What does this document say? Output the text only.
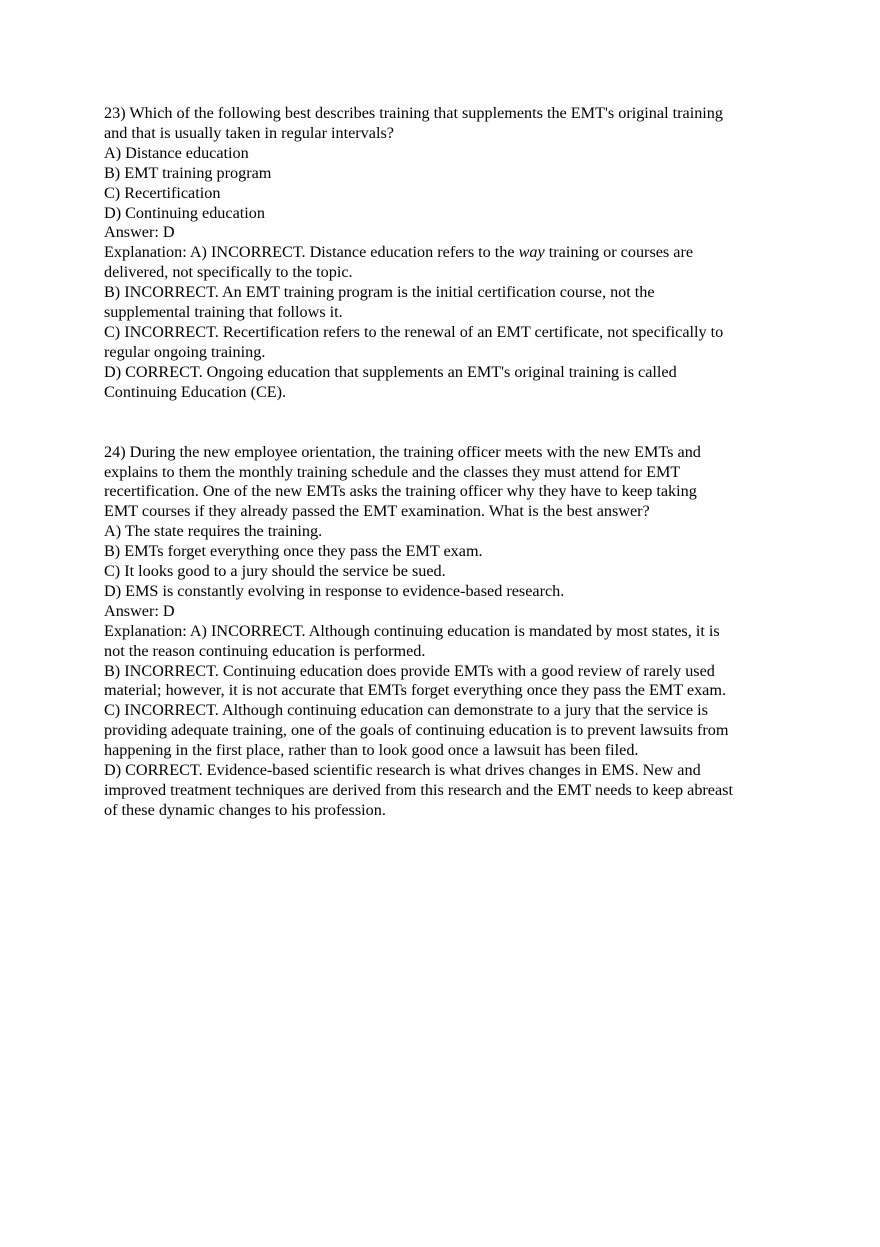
23) Which of the following best describes training that supplements the EMT's original training
and that is usually taken in regular intervals?
A) Distance education
B) EMT training program
C) Recertification
D) Continuing education
Answer: D
Explanation: A) INCORRECT. Distance education refers to the way training or courses are
delivered, not specifically to the topic.
B) INCORRECT. An EMT training program is the initial certification course, not the
supplemental training that follows it.
C) INCORRECT. Recertification refers to the renewal of an EMT certificate, not specifically to
regular ongoing training.
D) CORRECT. Ongoing education that supplements an EMT's original training is called
Continuing Education (CE).
24) During the new employee orientation, the training officer meets with the new EMTs and
explains to them the monthly training schedule and the classes they must attend for EMT
recertification. One of the new EMTs asks the training officer why they have to keep taking
EMT courses if they already passed the EMT examination. What is the best answer?
A) The state requires the training.
B) EMTs forget everything once they pass the EMT exam.
C) It looks good to a jury should the service be sued.
D) EMS is constantly evolving in response to evidence-based research.
Answer: D
Explanation: A) INCORRECT. Although continuing education is mandated by most states, it is
not the reason continuing education is performed.
B) INCORRECT. Continuing education does provide EMTs with a good review of rarely used
material; however, it is not accurate that EMTs forget everything once they pass the EMT exam.
C) INCORRECT. Although continuing education can demonstrate to a jury that the service is
providing adequate training, one of the goals of continuing education is to prevent lawsuits from
happening in the first place, rather than to look good once a lawsuit has been filed.
D) CORRECT. Evidence-based scientific research is what drives changes in EMS. New and
improved treatment techniques are derived from this research and the EMT needs to keep abreast
of these dynamic changes to his profession.
